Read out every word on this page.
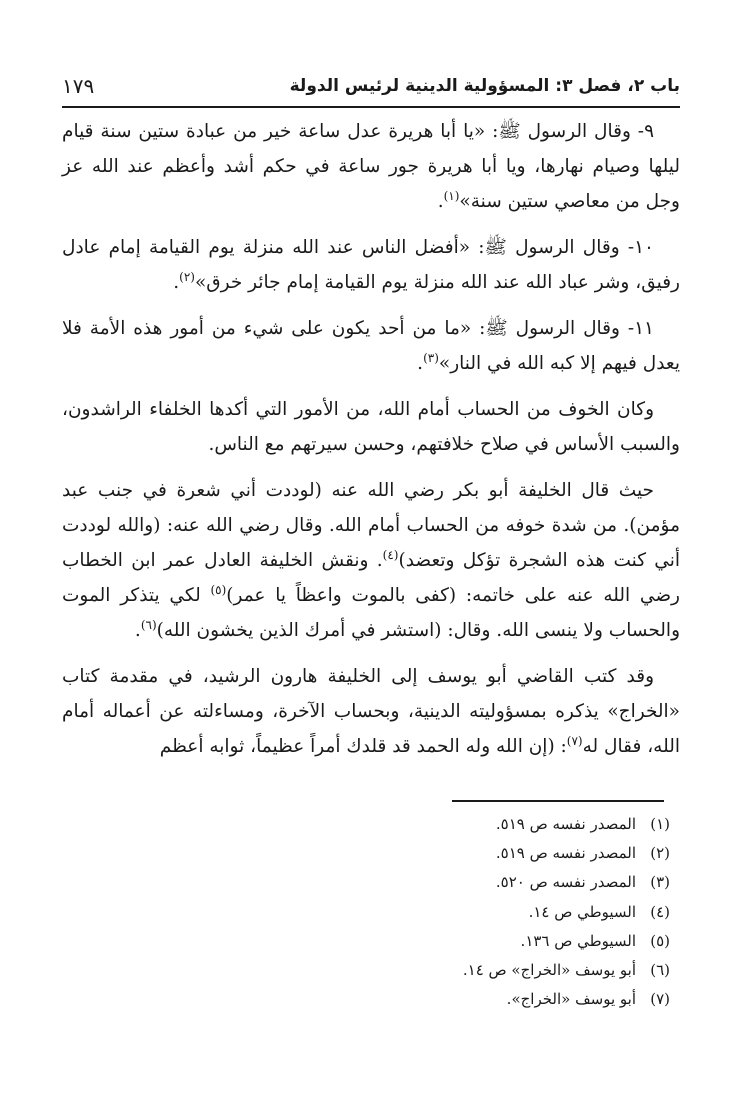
باب ٢، فصل ٣: المسؤولية الدينية لرئيس الدولة
١٧٩

٩- وقال الرسول ﷺ: «يا أبا هريرة عدل ساعة خير من عبادة ستين سنة قيام ليلها وصيام نهارها، ويا أبا هريرة جور ساعة في حكم أشد وأعظم عند الله عز وجل من معاصي ستين سنة»$^{(١)}$.

١٠- وقال الرسول ﷺ: «أفضل الناس عند الله منزلة يوم القيامة إمام عادل رفيق، وشر عباد الله عند الله منزلة يوم القيامة إمام جائر خرق»$^{(٢)}$.

١١- وقال الرسول ﷺ: «ما من أحد يكون على شيء من أمور هذه الأمة فلا يعدل فيهم إلا كبه الله في النار»$^{(٣)}$.

وكان الخوف من الحساب أمام الله، من الأمور التي أكدها الخلفاء الراشدون، والسبب الأساس في صلاح خلافتهم، وحسن سيرتهم مع الناس.

حيث قال الخليفة أبو بكر رضي الله عنه (لوددت أني شعرة في جنب عبد مؤمن). من شدة خوفه من الحساب أمام الله. وقال رضي الله عنه: (والله لوددت أني كنت هذه الشجرة تؤكل وتعضد)$^{(٤)}$. ونقش الخليفة العادل عمر ابن الخطاب رضي الله عنه على خاتمه: (كفى بالموت واعظاً يا عمر)$^{(٥)}$ لكي يتذكر الموت والحساب ولا ينسى الله. وقال: (استشر في أمرك الذين يخشون الله)$^{(٦)}$.

وقد كتب القاضي أبو يوسف إلى الخليفة هارون الرشيد، في مقدمة كتاب «الخراج» يذكره بمسؤوليته الدينية، وبحساب الآخرة، ومساءلته عن أعماله أمام الله، فقال له$^{(٧)}$: (إن الله وله الحمد قد قلدك أمراً عظيماً، ثوابه أعظم

(١)المصدر نفسه ص ٥١٩.
(٢)المصدر نفسه ص ٥١٩.
(٣)المصدر نفسه ص ٥٢٠.
(٤)السيوطي ص ١٤.
(٥)السيوطي ص ١٣٦.
(٦)أبو يوسف «الخراج» ص ١٤.
(٧)أبو يوسف «الخراج».
